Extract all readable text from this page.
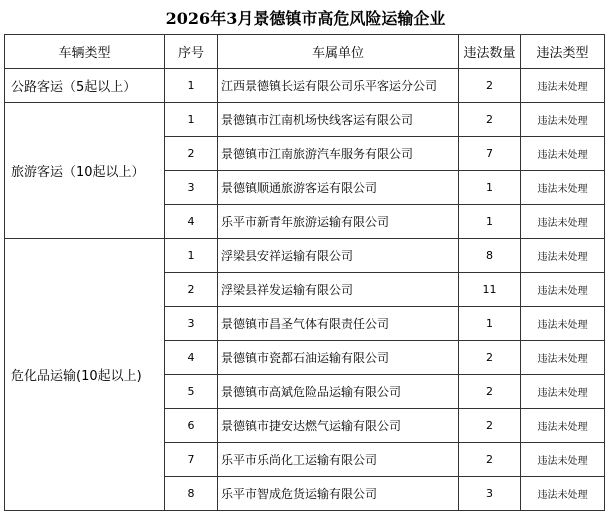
2026年3月景德镇市高危风险运输企业
车辆类型	序号	车属单位	违法数量	违法类型
公路客运（5起以上）	1	江西景德镇长运有限公司乐平客运分公司	2	违法未处理
旅游客运（10起以上）	1	景德镇市江南机场快线客运有限公司	2	违法未处理
	2	景德镇市江南旅游汽车服务有限公司	7	违法未处理
	3	景德镇顺通旅游客运有限公司	1	违法未处理
	4	乐平市新青年旅游运输有限公司	1	违法未处理
危化品运输(10起以上)	1	浮梁县安祥运输有限公司	8	违法未处理
	2	浮梁县祥发运输有限公司	11	违法未处理
	3	景德镇市昌圣气体有限责任公司	1	违法未处理
	4	景德镇市瓷都石油运输有限公司	2	违法未处理
	5	景德镇市高斌危险品运输有限公司	2	违法未处理
	6	景德镇市捷安达燃气运输有限公司	2	违法未处理
	7	乐平市乐尚化工运输有限公司	2	违法未处理
	8	乐平市智成危货运输有限公司	3	违法未处理
